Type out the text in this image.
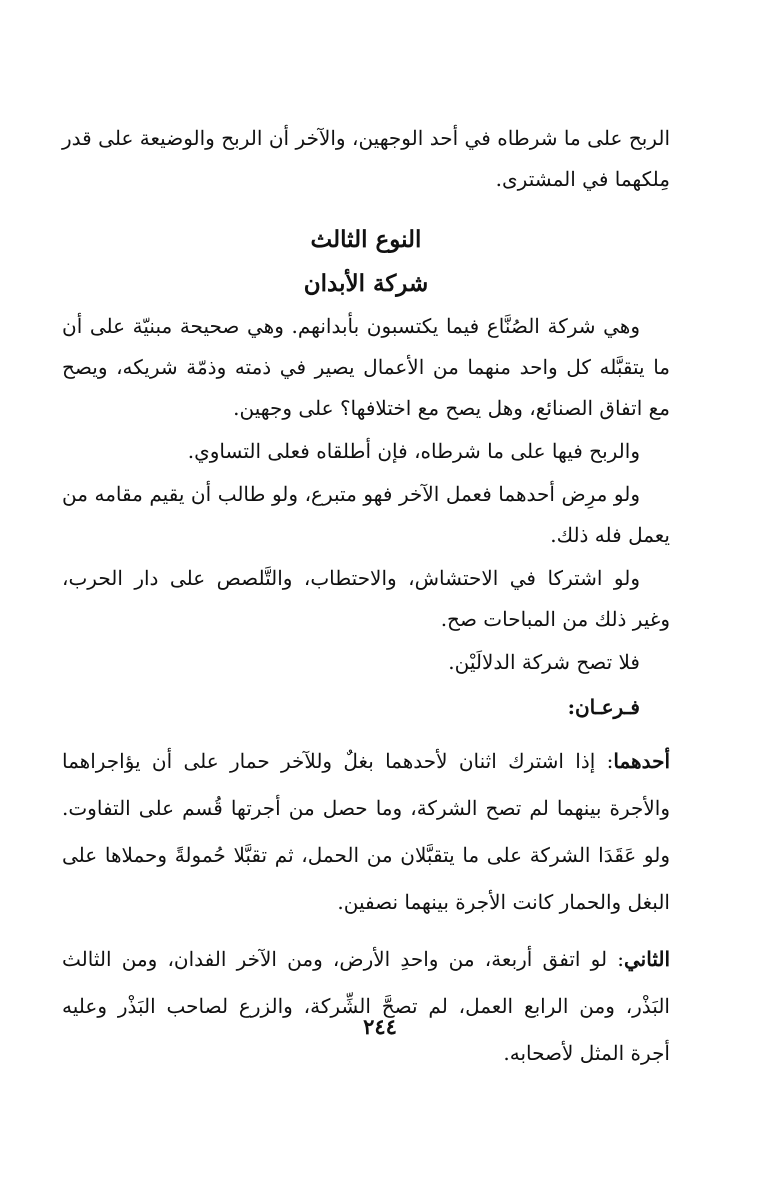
الربح على ما شرطاه في أحد الوجهين، والآخر أن الربح والوضيعة على قدر مِلكهما في المشترى.

النوع الثالث
شركة الأبدان

وهي شركة الصُنَّاع فيما يكتسبون بأبدانهم. وهي صحيحة مبنيّة على أن ما يتقبَّله كل واحد منهما من الأعمال يصير في ذمته وذمّة شريكه، ويصح مع اتفاق الصنائع، وهل يصح مع اختلافها؟ على وجهين.

والربح فيها على ما شرطاه، فإن أطلقاه فعلى التساوي.

ولو مرِض أحدهما فعمل الآخر فهو متبرع، ولو طالب أن يقيم مقامه من يعمل فله ذلك.

ولو اشتركا في الاحتشاش، والاحتطاب، والتَّلصص على دار الحرب، وغير ذلك من المباحات صح.

فلا تصح شركة الدلالَيْن.

فـرعـان:

أحدهما: إذا اشترك اثنان لأحدهما بغلٌ وللآخر حمار على أن يؤاجراهما والأجرة بينهما لم تصح الشركة، وما حصل من أجرتها قُسم على التفاوت. ولو عَقَدَا الشركة على ما يتقبَّلان من الحمل، ثم تقبَّلا حُمولةً وحملاها على البغل والحمار كانت الأجرة بينهما نصفين.

الثاني: لو اتفق أربعة، من واحدِ الأرض، ومن الآخر الفدان، ومن الثالث البَذْر، ومن الرابع العمل، لم تصحَّ الشِّركة، والزرع لصاحب البَذْر وعليه أجرة المثل لأصحابه.

٢٤٤
